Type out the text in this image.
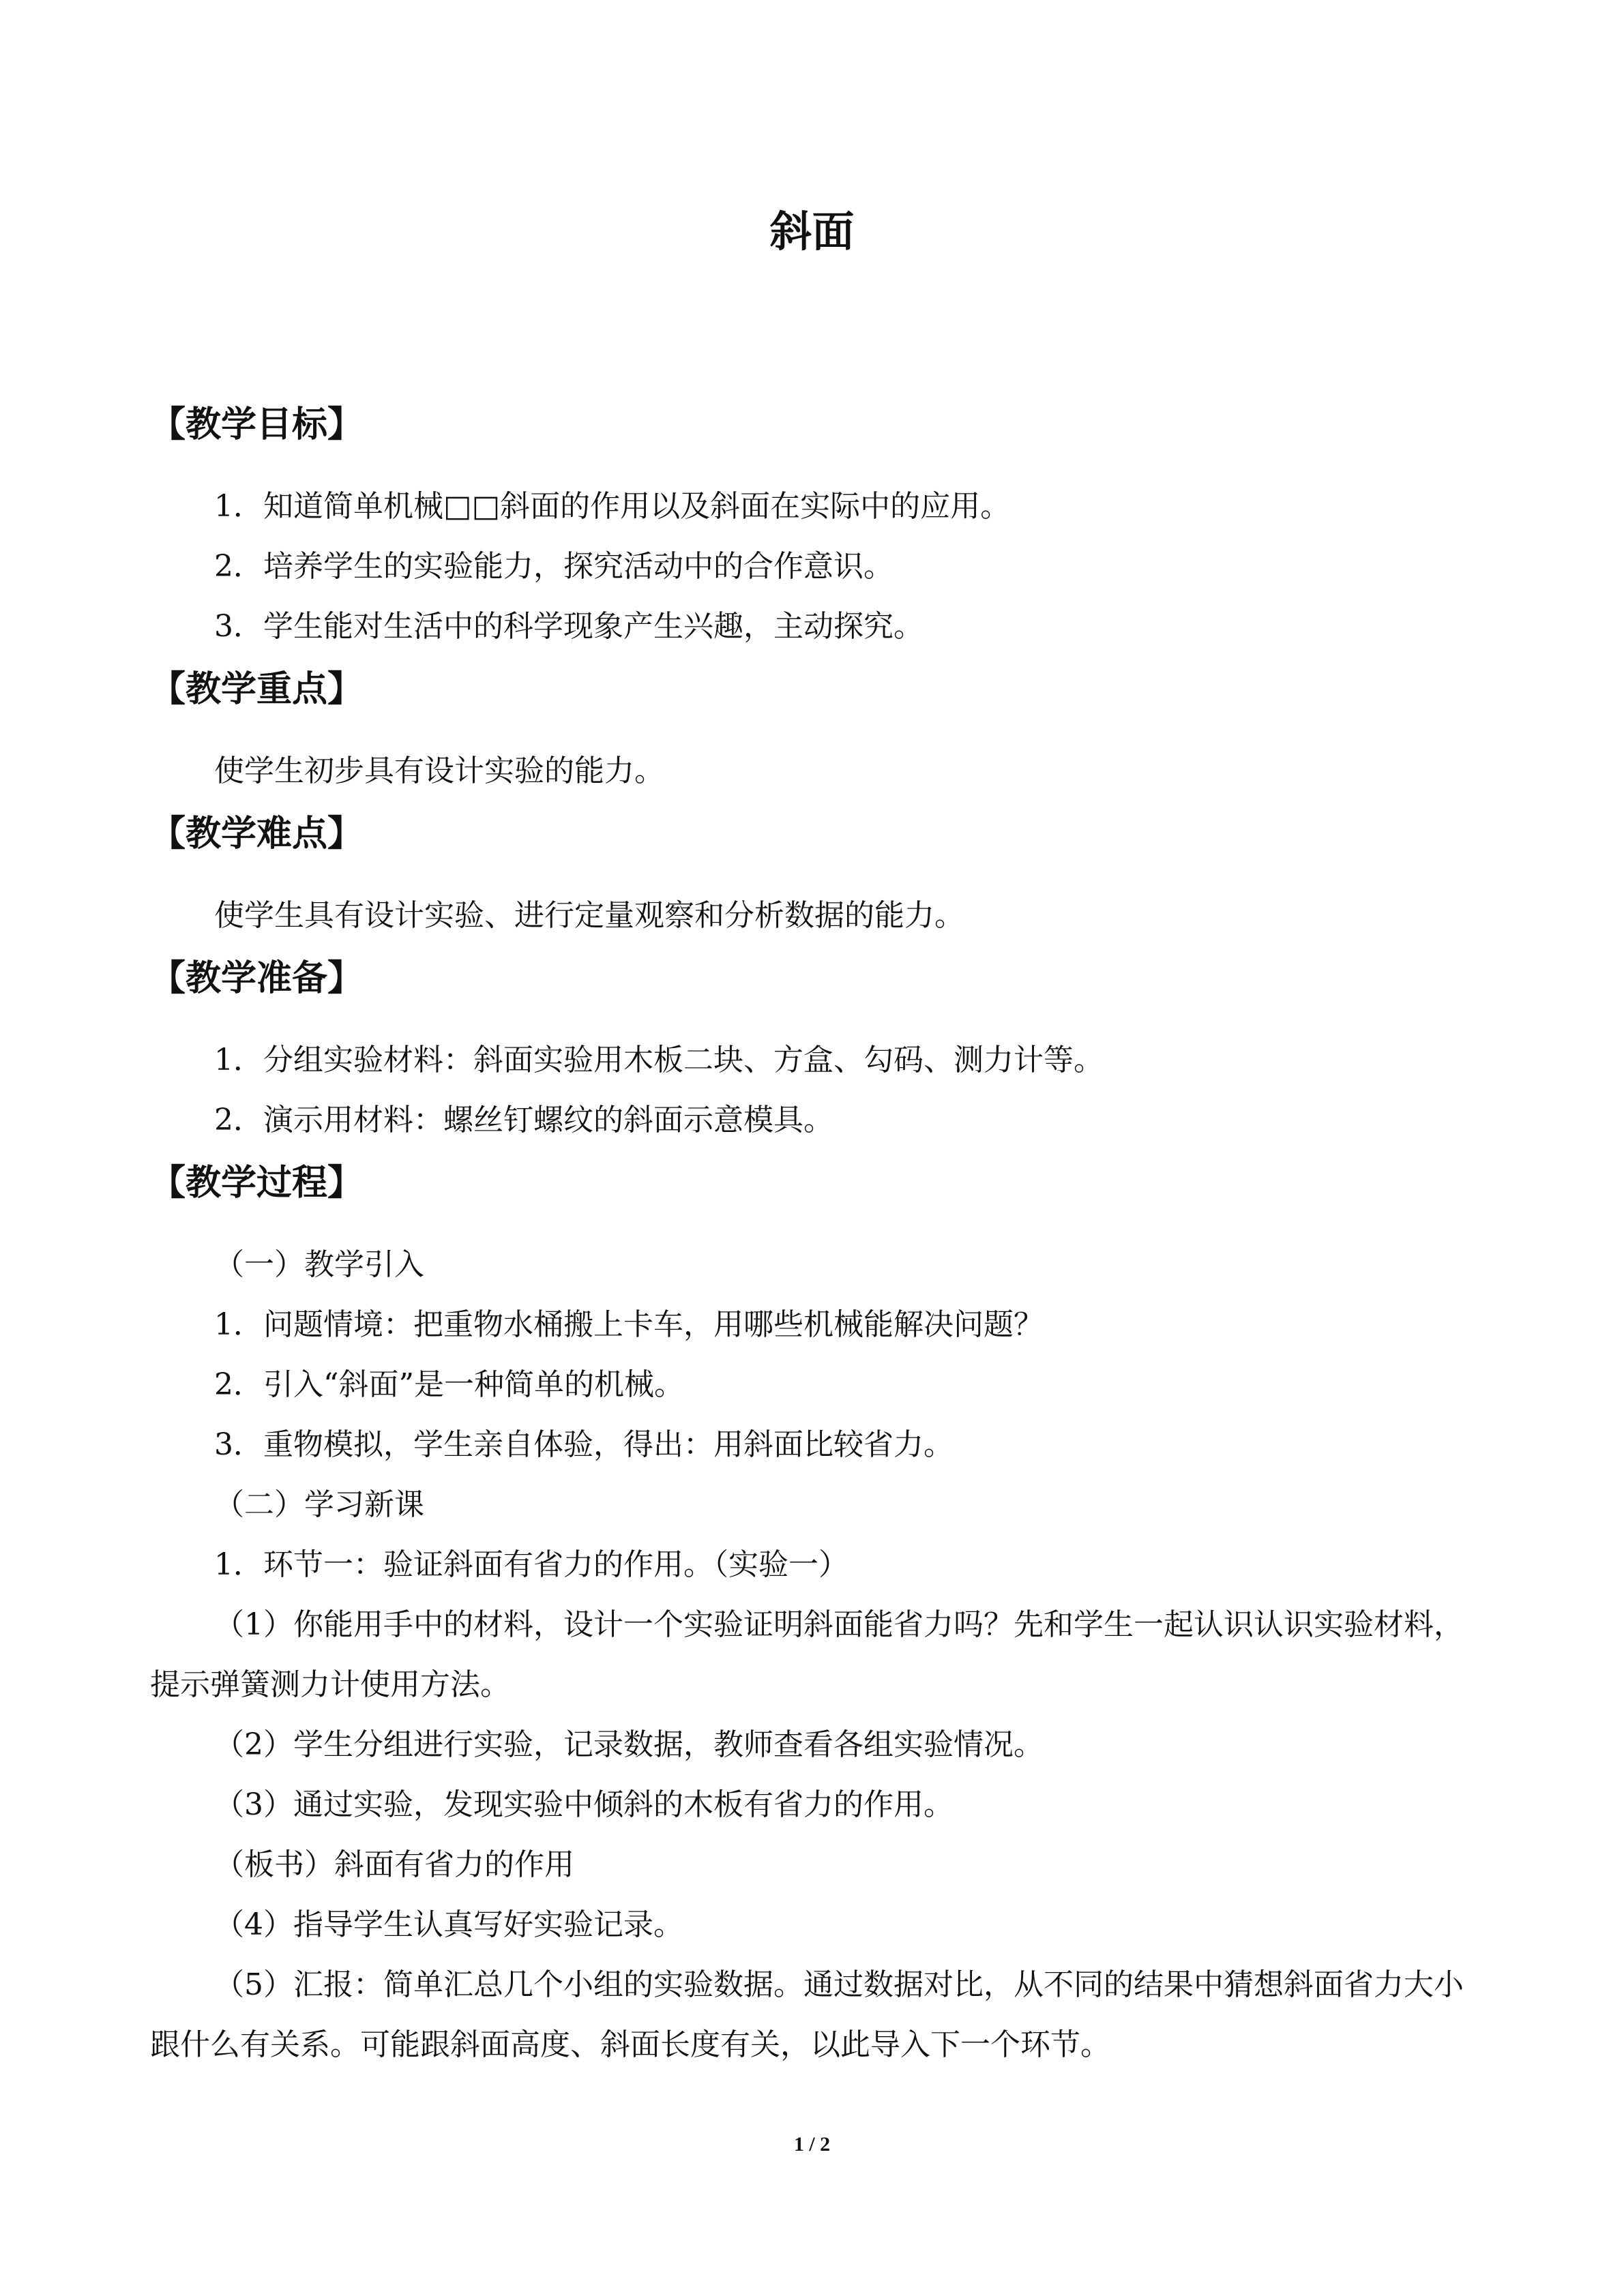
斜面
【教学目标】

1．知道简单机械□□斜面的作用以及斜面在实际中的应用。

2．培养学生的实验能力，探究活动中的合作意识。

3．学生能对生活中的科学现象产生兴趣，主动探究。

【教学重点】

使学生初步具有设计实验的能力。

【教学难点】

使学生具有设计实验、进行定量观察和分析数据的能力。

【教学准备】

1．分组实验材料：斜面实验用木板二块、方盒、勾码、测力计等。

2．演示用材料：螺丝钉螺纹的斜面示意模具。

【教学过程】

（一）教学引入

1．问题情境：把重物水桶搬上卡车，用哪些机械能解决问题？

2．引入“斜面”是一种简单的机械。

3．重物模拟，学生亲自体验，得出：用斜面比较省力。

（二）学习新课

1．环节一：验证斜面有省力的作用。（实验一）

（1）你能用手中的材料，设计一个实验证明斜面能省力吗？先和学生一起认识认识实验材料，提示弹簧测力计使用方法。

（2）学生分组进行实验，记录数据，教师查看各组实验情况。

（3）通过实验，发现实验中倾斜的木板有省力的作用。

（板书）斜面有省力的作用

（4）指导学生认真写好实验记录。

（5）汇报：简单汇总几个小组的实验数据。通过数据对比，从不同的结果中猜想斜面省力大小跟什么有关系。可能跟斜面高度、斜面长度有关，以此导入下一个环节。

1 / 2
